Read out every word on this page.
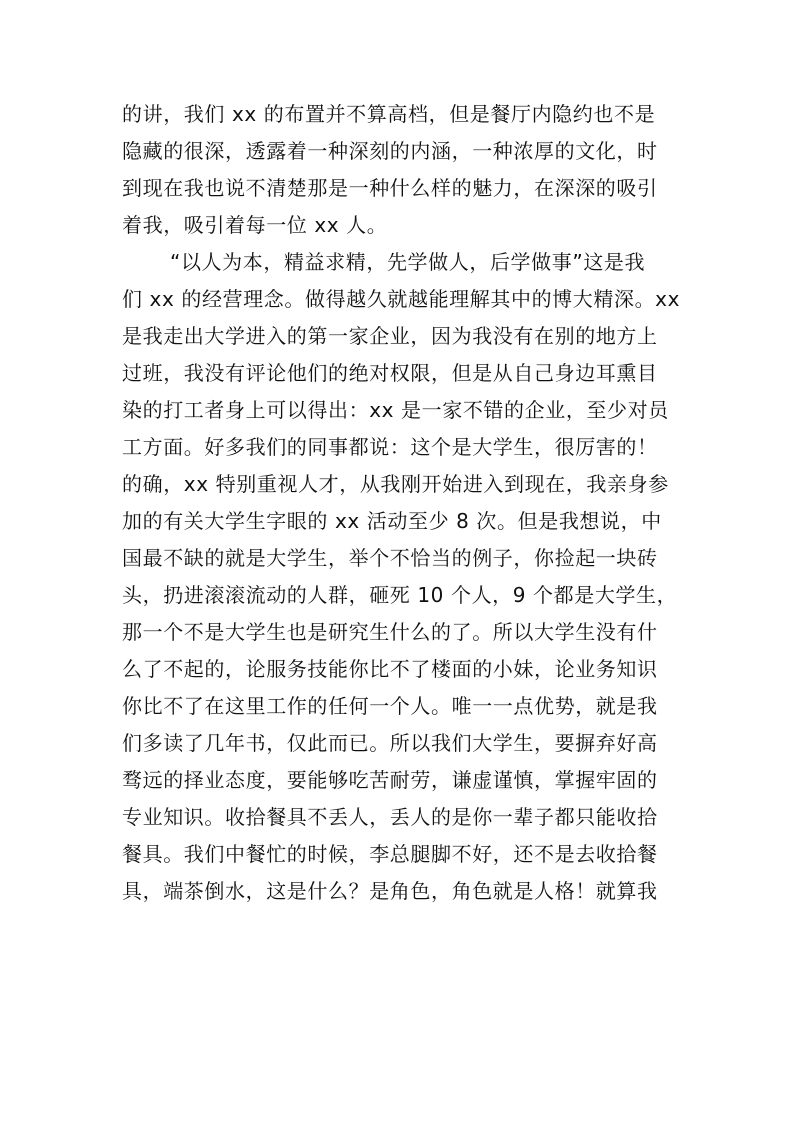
的讲，我们 xx 的布置并不算高档，但是餐厅内隐约也不是
隐藏的很深，透露着一种深刻的内涵，一种浓厚的文化，时
到现在我也说不清楚那是一种什么样的魅力，在深深的吸引
着我，吸引着每一位 xx 人。
“以人为本，精益求精，先学做人，后学做事”这是我
们 xx 的经营理念。做得越久就越能理解其中的博大精深。xx
是我走出大学进入的第一家企业，因为我没有在别的地方上
过班，我没有评论他们的绝对权限，但是从自己身边耳熏目
染的打工者身上可以得出：xx 是一家不错的企业，至少对员
工方面。好多我们的同事都说：这个是大学生，很厉害的！
的确，xx 特别重视人才，从我刚开始进入到现在，我亲身参
加的有关大学生字眼的 xx 活动至少 8 次。但是我想说，中
国最不缺的就是大学生，举个不恰当的例子，你捡起一块砖
头，扔进滚滚流动的人群，砸死 10 个人，9 个都是大学生，
那一个不是大学生也是研究生什么的了。所以大学生没有什
么了不起的，论服务技能你比不了楼面的小妹，论业务知识
你比不了在这里工作的任何一个人。唯一一点优势，就是我
们多读了几年书，仅此而已。所以我们大学生，要摒弃好高
骛远的择业态度，要能够吃苦耐劳，谦虚谨慎，掌握牢固的
专业知识。收拾餐具不丢人，丢人的是你一辈子都只能收拾
餐具。我们中餐忙的时候，李总腿脚不好，还不是去收拾餐
具，端茶倒水，这是什么？是角色，角色就是人格！就算我
